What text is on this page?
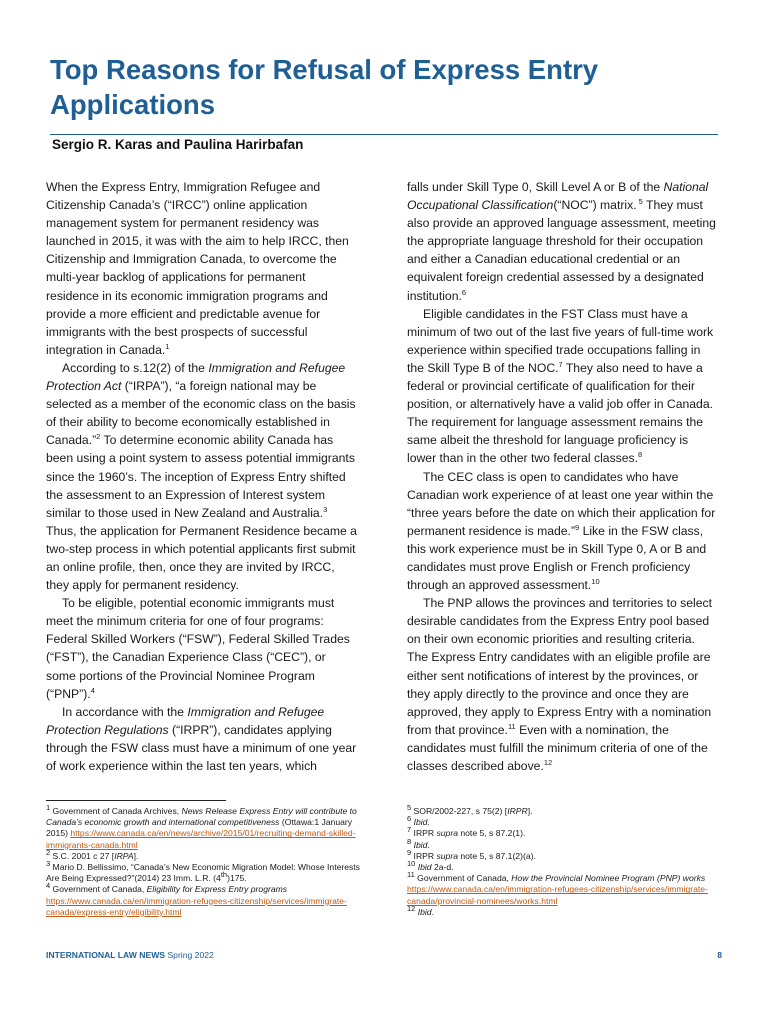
Top Reasons for Refusal of Express Entry Applications
Sergio R. Karas and Paulina Harirbafan

When the Express Entry, Immigration Refugee and Citizenship Canada’s (“IRCC”) online application management system for permanent residency was launched in 2015, it was with the aim to help IRCC, then Citizenship and Immigration Canada, to overcome the multi-year backlog of applications for permanent residence in its economic immigration programs and provide a more efficient and predictable avenue for immigrants with the best prospects of successful integration in Canada.$^1$

According to s.12(2) of the Immigration and Refugee Protection Act (“IRPA”), “a foreign national may be selected as a member of the economic class on the basis of their ability to become economically established in Canada.”$^2$ To determine economic ability Canada has been using a point system to assess potential immigrants since the 1960’s. The inception of Express Entry shifted the assessment to an Expression of Interest system similar to those used in New Zealand and Australia.$^3$ Thus, the application for Permanent Residence became a two-step process in which potential applicants first submit an online profile, then, once they are invited by IRCC, they apply for permanent residency.

To be eligible, potential economic immigrants must meet the minimum criteria for one of four programs: Federal Skilled Workers (“FSW”), Federal Skilled Trades (“FST”), the Canadian Experience Class (“CEC”), or some portions of the Provincial Nominee Program (“PNP”).$^4$

In accordance with the Immigration and Refugee Protection Regulations (“IRPR”), candidates applying through the FSW class must have a minimum of one year of work experience within the last ten years, which

falls under Skill Type 0, Skill Level A or B of the National Occupational Classification(“NOC”) matrix. $^5$ They must also provide an approved language assessment, meeting the appropriate language threshold for their occupation and either a Canadian educational credential or an equivalent foreign credential assessed by a designated institution.$^6$

Eligible candidates in the FST Class must have a minimum of two out of the last five years of full-time work experience within specified trade occupations falling in the Skill Type B of the NOC.$^7$ They also need to have a federal or provincial certificate of qualification for their position, or alternatively have a valid job offer in Canada. The requirement for language assessment remains the same albeit the threshold for language proficiency is lower than in the other two federal classes.$^8$

The CEC class is open to candidates who have Canadian work experience of at least one year within the “three years before the date on which their application for permanent residence is made.”$^9$ Like in the FSW class, this work experience must be in Skill Type 0, A or B and candidates must prove English or French proficiency through an approved assessment.$^{10}$

The PNP allows the provinces and territories to select desirable candidates from the Express Entry pool based on their own economic priorities and resulting criteria. The Express Entry candidates with an eligible profile are either sent notifications of interest by the provinces, or they apply directly to the province and once they are approved, they apply to Express Entry with a nomination from that province.$^{11}$ Even with a nomination, the candidates must fulfill the minimum criteria of one of the classes described above.$^{12}$

$^1$ Government of Canada Archives, News Release Express Entry will contribute to Canada’s economic growth and international competitiveness (Ottawa:1 January 2015) https://www.canada.ca/en/news/archive/2015/01/recruiting-demand-skilled-immigrants-canada.html

$^2$ S.C. 2001 c 27 [IRPA].

$^3$ Mario D. Bellissimo, “Canada’s New Economic Migration Model: Whose Interests Are Being Expressed?”(2014) 23 Imm. L.R. (4th)175.

$^4$ Government of Canada, Eligibility for Express Entry programs https://www.canada.ca/en/immigration-refugees-citizenship/services/immigrate-canada/express-entry/eligibility.html

$^5$ SOR/2002-227, s 75(2) [IRPR].

$^6$ Ibid.

$^7$ IRPR supra note 5, s 87.2(1).

$^8$ Ibid.

$^9$ IRPR supra note 5, s 87.1(2)(a).

$^{10}$ Ibid 2a-d.

$^{11}$ Government of Canada, How the Provincial Nominee Program (PNP) works https://www.canada.ca/en/immigration-refugees-citizenship/services/immigrate-canada/provincial-nominees/works.html

$^{12}$ Ibid.

INTERNATIONAL LAW NEWS Spring 2022	8
